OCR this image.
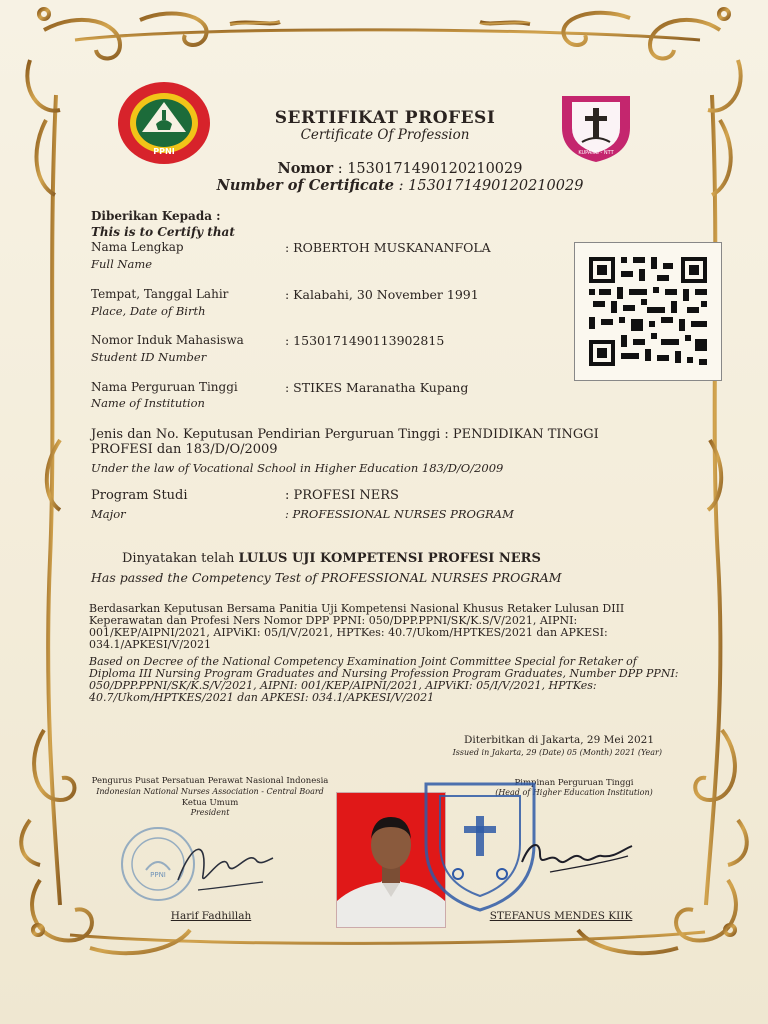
PPNI	KUPANG - NTT
SERTIFIKAT PROFESI
Certificate Of Profession
Nomor : 1530171490120210029
Number of Certificate : 1530171490120210029
Diberikan Kepada :
This is to Certify that
Nama Lengkap
Full Name
: ROBERTOH MUSKANANFOLA
Tempat, Tanggal Lahir
Place, Date of Birth
: Kalabahi, 30 November 1991
Nomor Induk Mahasiswa
Student ID Number
: 1530171490113902815
Nama Perguruan Tinggi
Name of Institution
: STIKES Maranatha Kupang
Jenis dan No. Keputusan Pendirian Perguruan Tinggi : PENDIDIKAN TINGGI
PROFESI dan 183/D/O/2009
Under the law of Vocational School in Higher Education 183/D/O/2009
Program Studi
Major
: PROFESI NERS
: PROFESSIONAL NURSES PROGRAM
Dinyatakan telah LULUS UJI KOMPETENSI PROFESI NERS
Has passed the Competency Test of PROFESSIONAL NURSES PROGRAM
Berdasarkan Keputusan Bersama Panitia Uji Kompetensi Nasional Khusus Retaker Lulusan DIII
Keperawatan dan Profesi Ners Nomor DPP PPNI: 050/DPP.PPNI/SK/K.S/V/2021, AIPNI:
001/KEP/AIPNI/2021, AIPViKI: 05/I/V/2021, HPTKes: 40.7/Ukom/HPTKES/2021 dan APKESI:
034.1/APKESI/V/2021
Based on Decree of the National Competency Examination Joint Committee Special for Retaker of
Diploma III Nursing Program Graduates and Nursing Profession Program Graduates, Number DPP PPNI:
050/DPP.PPNI/SK/K.S/V/2021, AIPNI: 001/KEP/AIPNI/2021, AIPViKI: 05/I/V/2021, HPTKes:
40.7/Ukom/HPTKES/2021 dan APKESI: 034.1/APKESI/V/2021
Diterbitkan di Jakarta, 29 Mei 2021
Issued in Jakarta, 29 (Date) 05 (Month) 2021 (Year)
Pengurus Pusat Persatuan Perawat Nasional Indonesia
Indonesian National Nurses Association - Central Board
Ketua Umum
President
PPNI
Harif Fadhillah
Pimpinan Perguruan Tinggi
(Head of Higher Education Institution)
STEFANUS MENDES KIIK
